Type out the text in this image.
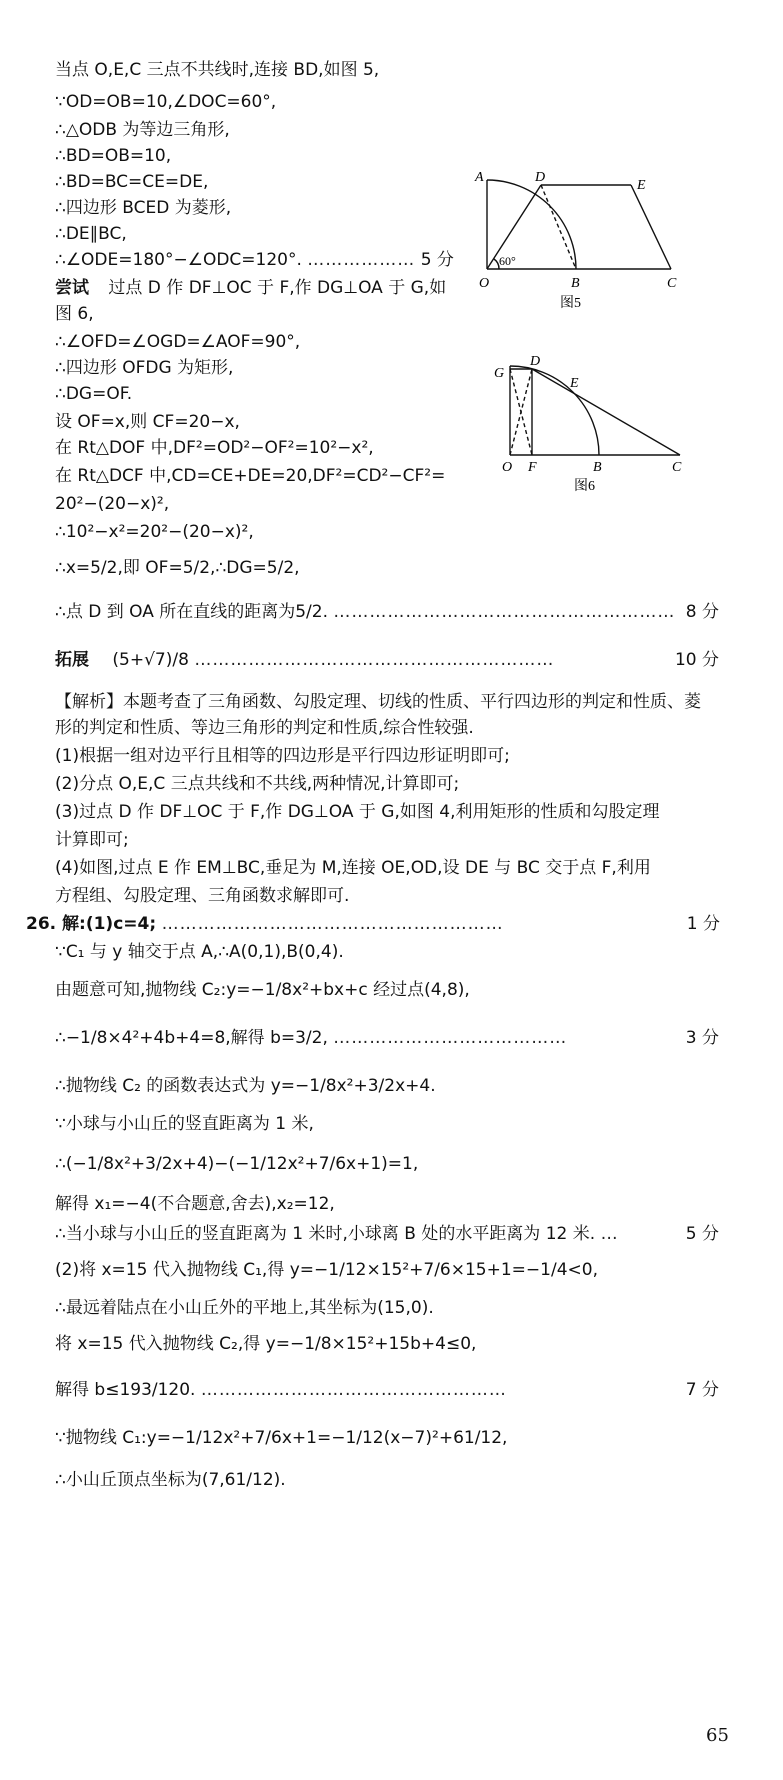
当点 O,E,C 三点不共线时,连接 BD,如图 5,
∵OD=OB=10,∠DOC=60°,
∴△ODB 为等边三角形,
∴BD=OB=10,
∴BD=BC=CE=DE,
∴四边形 BCED 为菱形,
∴DE∥BC,
∴∠ODE=180°−∠ODC=120°. ……………… 5 分
尝试 过点 D 作 DF⊥OC 于 F,作 DG⊥OA 于 G,如
图 6,
∴∠OFD=∠OGD=∠AOF=90°,
∴四边形 OFDG 为矩形,
∴DG=OF.
设 OF=x,则 CF=20−x,
在 Rt△DOF 中,DF²=OD²−OF²=10²−x²,
在 Rt△DCF 中,CD=CE+DE=20,DF²=CD²−CF²=
20²−(20−x)²,
∴10²−x²=20²−(20−x)²,
∴x=5/2,即 OF=5/2,∴DG=5/2,
∴点 D 到 OA 所在直线的距离为5/2. ………………………………………………… 8 分
拓展 (5+√7)/8 ……………………………………………………	10 分
【解析】本题考查了三角函数、勾股定理、切线的性质、平行四边形的判定和性质、菱
形的判定和性质、等边三角形的判定和性质,综合性较强.
(1)根据一组对边平行且相等的四边形是平行四边形证明即可;
(2)分点 O,E,C 三点共线和不共线,两种情况,计算即可;
(3)过点 D 作 DF⊥OC 于 F,作 DG⊥OA 于 G,如图 4,利用矩形的性质和勾股定理
计算即可;
(4)如图,过点 E 作 EM⊥BC,垂足为 M,连接 OE,OD,设 DE 与 BC 交于点 F,利用
方程组、勾股定理、三角函数求解即可.
26. 解:(1)c=4; …………………………………………………	1 分
∵C₁ 与 y 轴交于点 A,∴A(0,1),B(0,4).
由题意可知,抛物线 C₂:y=−1/8x²+bx+c 经过点(4,8),
∴−1/8×4²+4b+4=8,解得 b=3/2, …………………………………	3 分
∴抛物线 C₂ 的函数表达式为 y=−1/8x²+3/2x+4.
∵小球与小山丘的竖直距离为 1 米,
∴(−1/8x²+3/2x+4)−(−1/12x²+7/6x+1)=1,
解得 x₁=−4(不合题意,舍去),x₂=12,
∴当小球与小山丘的竖直距离为 1 米时,小球离 B 处的水平距离为 12 米. …	5 分
(2)将 x=15 代入抛物线 C₁,得 y=−1/12×15²+7/6×15+1=−1/4<0,
∴最远着陆点在小山丘外的平地上,其坐标为(15,0).
将 x=15 代入抛物线 C₂,得 y=−1/8×15²+15b+4≤0,
解得 b≤193/120. ……………………………………………	7 分
∵抛物线 C₁:y=−1/12x²+7/6x+1=−1/12(x−7)²+61/12,
∴小山丘顶点坐标为(7,61/12).
A	D
E
O	B	C
60°
图5
D
G
E
O F	B	C
图6
65
